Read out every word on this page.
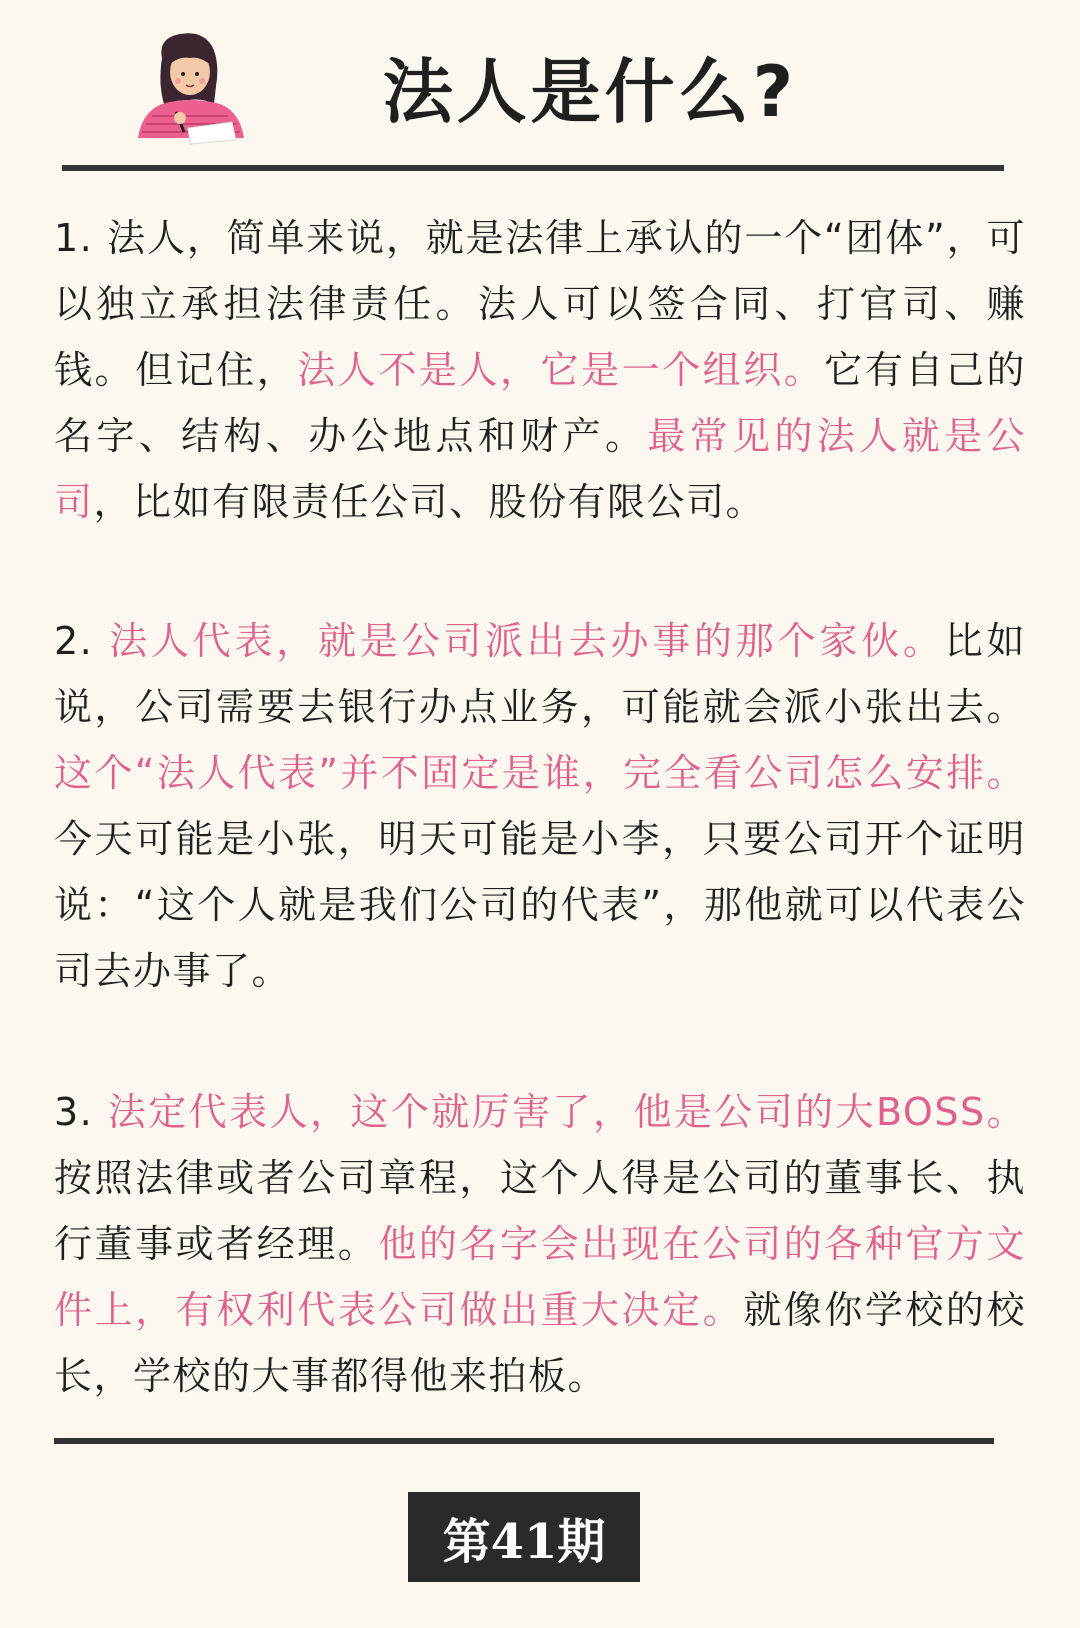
法人是什么?

1. 法人，简单来说，就是法律上承认的一个“团体”，可以独立承担法律责任。法人可以签合同、打官司、赚钱。但记住，法人不是人，它是一个组织。它有自己的名字、结构、办公地点和财产。最常见的法人就是公司，比如有限责任公司、股份有限公司。

2. 法人代表，就是公司派出去办事的那个家伙。比如说，公司需要去银行办点业务，可能就会派小张出去。这个“法人代表”并不固定是谁，完全看公司怎么安排。今天可能是小张，明天可能是小李，只要公司开个证明说：“这个人就是我们公司的代表”，那他就可以代表公司去办事了。

3. 法定代表人，这个就厉害了，他是公司的大BOSS。按照法律或者公司章程，这个人得是公司的董事长、执行董事或者经理。他的名字会出现在公司的各种官方文件上，有权利代表公司做出重大决定。就像你学校的校长，学校的大事都得他来拍板。

第41期
